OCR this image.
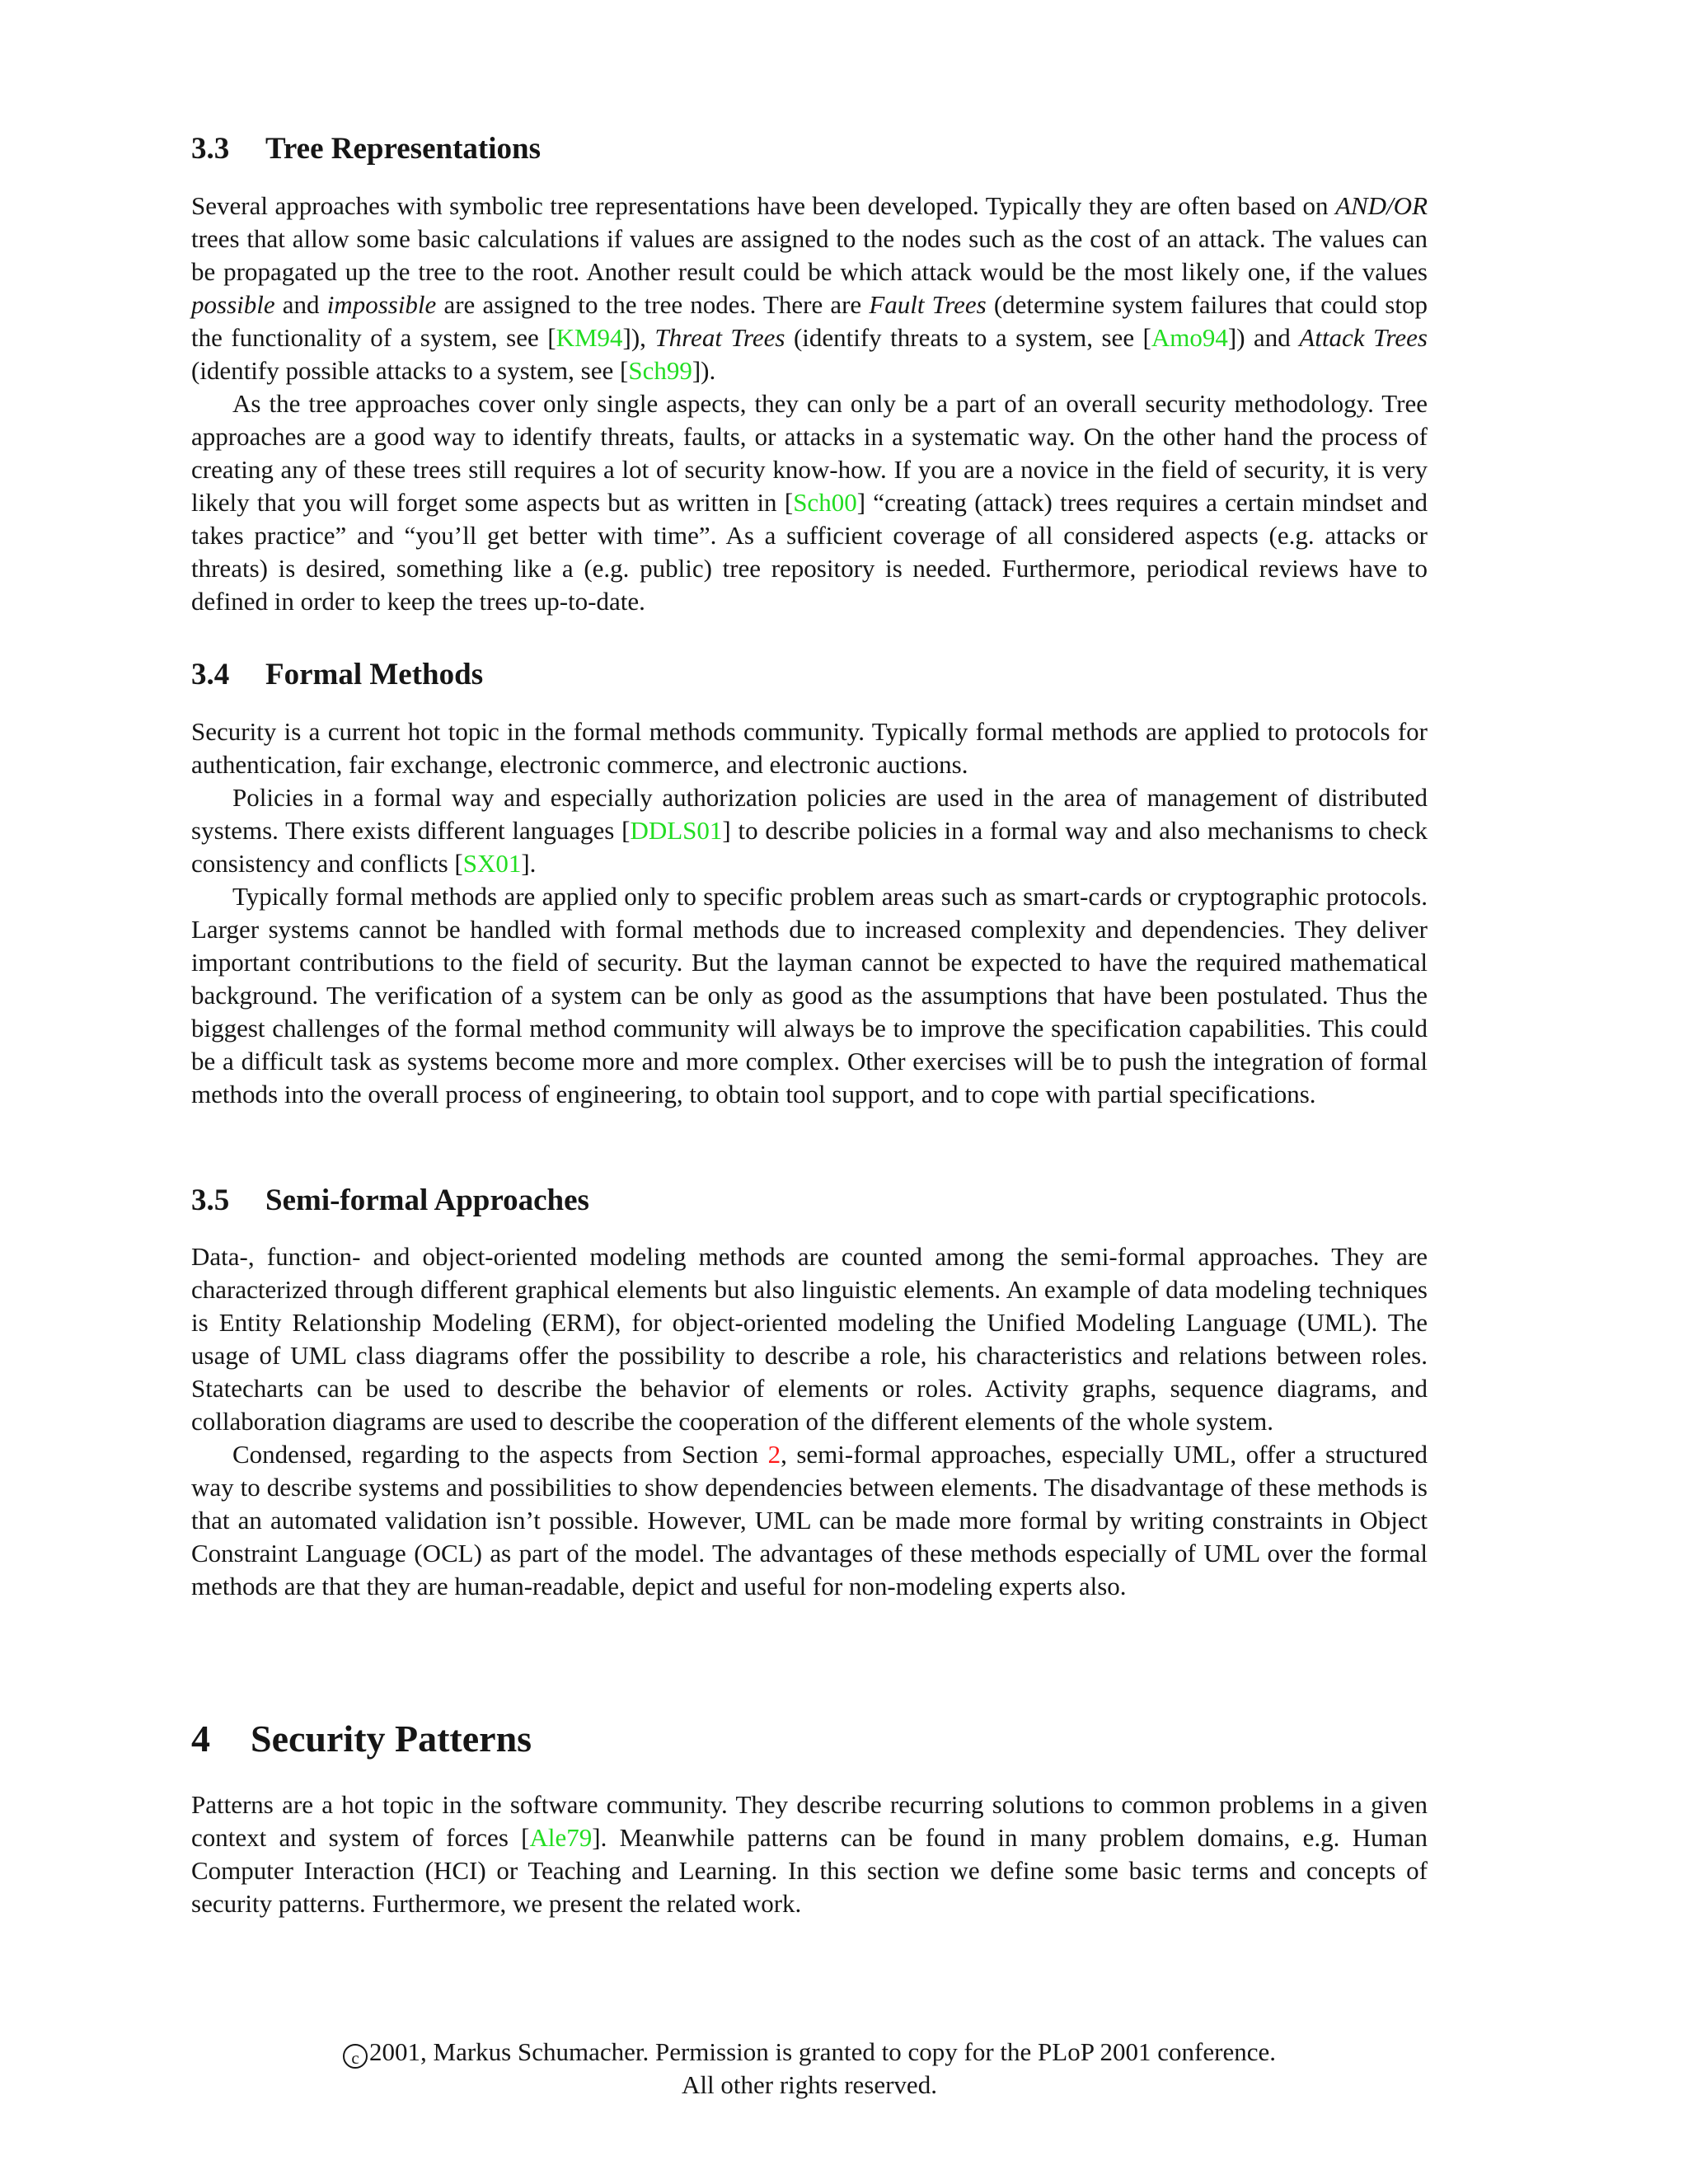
3.3 Tree Representations

Several approaches with symbolic tree representations have been developed. Typically they are often based on AND/OR trees that allow some basic calculations if values are assigned to the nodes such as the cost of an attack. The values can be propagated up the tree to the root. Another result could be which attack would be the most likely one, if the values possible and impossible are assigned to the tree nodes. There are Fault Trees (determine system failures that could stop the functionality of a system, see [KM94]), Threat Trees (identify threats to a system, see [Amo94]) and Attack Trees (identify possible attacks to a system, see [Sch99]).

As the tree approaches cover only single aspects, they can only be a part of an overall security methodology. Tree approaches are a good way to identify threats, faults, or attacks in a systematic way. On the other hand the process of creating any of these trees still requires a lot of security know-how. If you are a novice in the field of security, it is very likely that you will forget some aspects but as written in [Sch00] “creating (attack) trees requires a certain mindset and takes practice” and “you’ll get better with time”. As a sufficient coverage of all considered aspects (e.g. attacks or threats) is desired, something like a (e.g. public) tree repository is needed. Furthermore, periodical reviews have to defined in order to keep the trees up-to-date.

3.4 Formal Methods

Security is a current hot topic in the formal methods community. Typically formal methods are applied to protocols for authentication, fair exchange, electronic commerce, and electronic auctions.

Policies in a formal way and especially authorization policies are used in the area of management of distributed systems. There exists different languages [DDLS01] to describe policies in a formal way and also mechanisms to check consistency and conflicts [SX01].

Typically formal methods are applied only to specific problem areas such as smart-cards or cryptographic protocols. Larger systems cannot be handled with formal methods due to increased complexity and dependencies. They deliver important contributions to the field of security. But the layman cannot be expected to have the required mathematical background. The verification of a system can be only as good as the assumptions that have been postulated. Thus the biggest challenges of the formal method community will always be to improve the specification capabilities. This could be a difficult task as systems become more and more complex. Other exercises will be to push the integration of formal methods into the overall process of engineering, to obtain tool support, and to cope with partial specifications.

3.5 Semi-formal Approaches

Data-, function- and object-oriented modeling methods are counted among the semi-formal approaches. They are characterized through different graphical elements but also linguistic elements. An example of data modeling techniques is Entity Relationship Modeling (ERM), for object-oriented modeling the Unified Modeling Language (UML). The usage of UML class diagrams offer the possibility to describe a role, his characteristics and relations between roles. Statecharts can be used to describe the behavior of elements or roles. Activity graphs, sequence diagrams, and collaboration diagrams are used to describe the cooperation of the different elements of the whole system.

Condensed, regarding to the aspects from Section 2, semi-formal approaches, especially UML, offer a structured way to describe systems and possibilities to show dependencies between elements. The disadvantage of these methods is that an automated validation isn’t possible. However, UML can be made more formal by writing constraints in Object Constraint Language (OCL) as part of the model. The advantages of these methods especially of UML over the formal methods are that they are human-readable, depict and useful for non-modeling experts also.

4 Security Patterns

Patterns are a hot topic in the software community. They describe recurring solutions to common problems in a given context and system of forces [Ale79]. Meanwhile patterns can be found in many problem domains, e.g. Human Computer Interaction (HCI) or Teaching and Learning. In this section we define some basic terms and concepts of security patterns. Furthermore, we present the related work.

c 2001, Markus Schumacher. Permission is granted to copy for the PLoP 2001 conference.
All other rights reserved.
